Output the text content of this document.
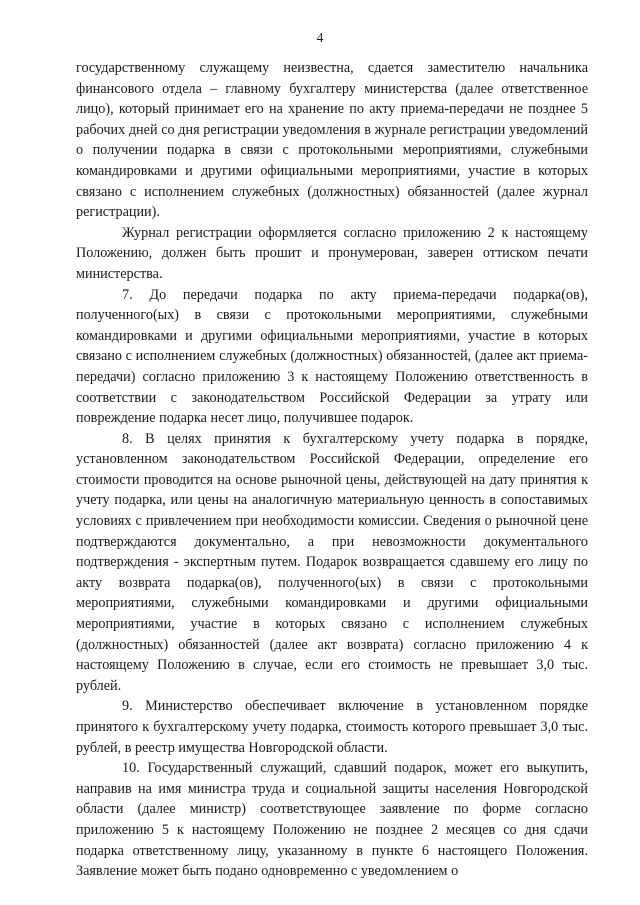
4

государственному служащему неизвестна, сдается заместителю начальника финансового отдела – главному бухгалтеру министерства (далее ответственное лицо), который принимает его на хранение по акту приема-передачи не позднее 5 рабочих дней со дня регистрации уведомления в журнале регистрации уведомлений о получении подарка в связи с протокольными мероприятиями, служебными командировками и другими официальными мероприятиями, участие в которых связано с исполнением служебных (должностных) обязанностей (далее журнал регистрации).

Журнал регистрации оформляется согласно приложению 2 к настоящему Положению, должен быть прошит и пронумерован, заверен оттиском печати министерства.

7. До передачи подарка по акту приема-передачи подарка(ов), полученного(ых) в связи с протокольными мероприятиями, служебными командировками и другими официальными мероприятиями, участие в которых связано с исполнением служебных (должностных) обязанностей, (далее акт приема-передачи) согласно приложению 3 к настоящему Положению ответственность в соответствии с законодательством Российской Федерации за утрату или повреждение подарка несет лицо, получившее подарок.

8. В целях принятия к бухгалтерскому учету подарка в порядке, установленном законодательством Российской Федерации, определение его стоимости проводится на основе рыночной цены, действующей на дату принятия к учету подарка, или цены на аналогичную материальную ценность в сопоставимых условиях с привлечением при необходимости комиссии. Сведения о рыночной цене подтверждаются документально, а при невозможности документального подтверждения - экспертным путем. Подарок возвращается сдавшему его лицу по акту возврата подарка(ов), полученного(ых) в связи с протокольными мероприятиями, служебными командировками и другими официальными мероприятиями, участие в которых связано с исполнением служебных (должностных) обязанностей (далее акт возврата) согласно приложению 4 к настоящему Положению в случае, если его стоимость не превышает 3,0 тыс. рублей.

9. Министерство обеспечивает включение в установленном порядке принятого к бухгалтерскому учету подарка, стоимость которого превышает 3,0 тыс. рублей, в реестр имущества Новгородской области.

10. Государственный служащий, сдавший подарок, может его выкупить, направив на имя министра труда и социальной защиты населения Новгородской области (далее министр) соответствующее заявление по форме согласно приложению 5 к настоящему Положению не позднее 2 месяцев со дня сдачи подарка ответственному лицу, указанному в пункте 6 настоящего Положения. Заявление может быть подано одновременно с уведомлением о
